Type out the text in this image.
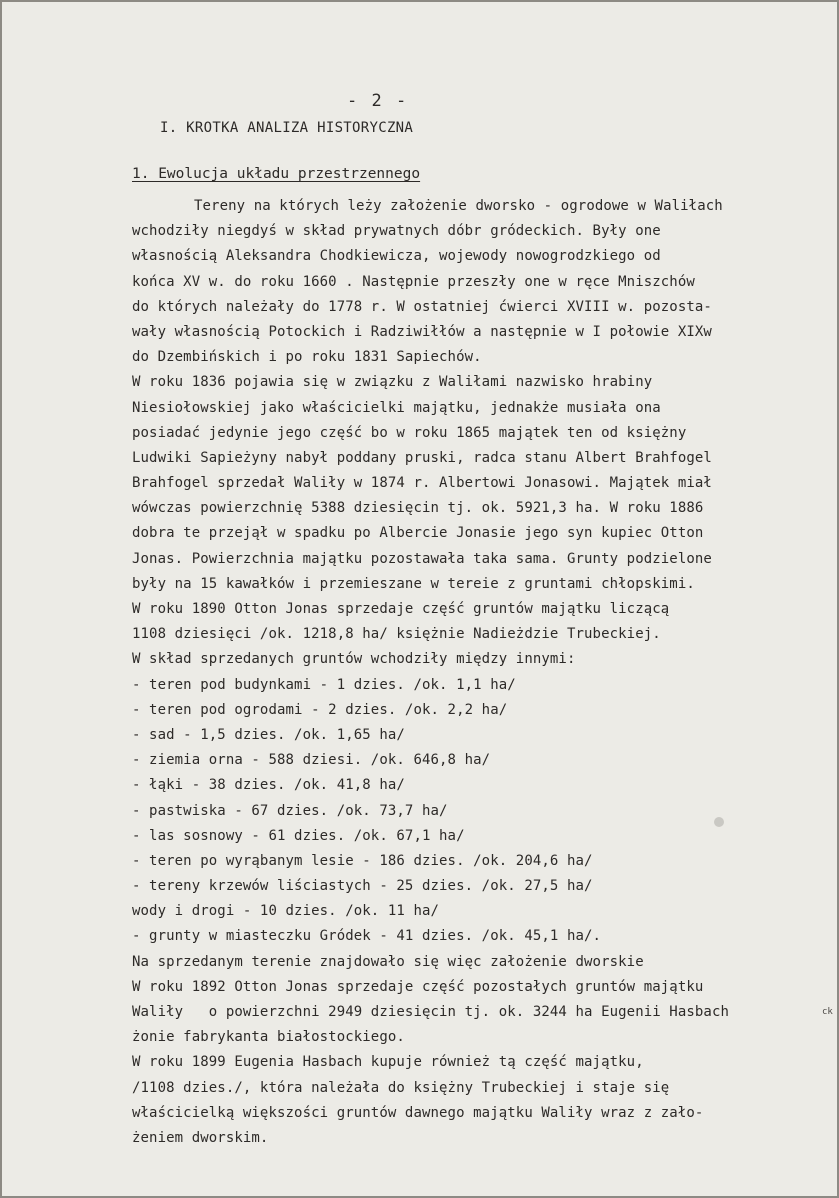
- 2 -
I. KROTKA ANALIZA HISTORYCZNA
1. Ewolucja układu przestrzennego
Tereny na których leży założenie dworsko - ogrodowe w Waliłach
wchodziły niegdyś w skład prywatnych dóbr gródeckich. Były one
własnością Aleksandra Chodkiewicza, wojewody nowogrodzkiego od
końca XV w. do roku 1660 . Następnie przeszły one w ręce Mniszchów
do których należały do 1778 r. W ostatniej ćwierci XVIII w. pozosta-
wały własnością Potockich i Radziwiłłów a następnie w I połowie XIXw
do Dzembińskich i po roku 1831 Sapiechów.
W roku 1836 pojawia się w związku z Waliłami nazwisko hrabiny
Niesiołowskiej jako właścicielki majątku, jednakże musiała ona
posiadać jedynie jego część bo w roku 1865 majątek ten od księżny
Ludwiki Sapieżyny nabył poddany pruski, radca stanu Albert Brahfogel
Brahfogel sprzedał Waliły w 1874 r. Albertowi Jonasowi. Majątek miał
wówczas powierzchnię 5388 dziesięcin tj. ok. 5921,3 ha. W roku 1886
dobra te przejął w spadku po Albercie Jonasie jego syn kupiec Otton
Jonas. Powierzchnia majątku pozostawała taka sama. Grunty podzielone
były na 15 kawałków i przemieszane w tereie z gruntami chłopskimi.
W roku 1890 Otton Jonas sprzedaje część gruntów majątku liczącą
1108 dziesięci /ok. 1218,8 ha/ księżnie Nadieżdzie Trubeckiej.
W skład sprzedanych gruntów wchodziły między innymi:
- teren pod budynkami - 1 dzies. /ok. 1,1 ha/
- teren pod ogrodami - 2 dzies. /ok. 2,2 ha/
- sad - 1,5 dzies. /ok. 1,65 ha/
- ziemia orna - 588 dziesi. /ok. 646,8 ha/
- łąki - 38 dzies. /ok. 41,8 ha/
- pastwiska - 67 dzies. /ok. 73,7 ha/
- las sosnowy - 61 dzies. /ok. 67,1 ha/
- teren po wyrąbanym lesie - 186 dzies. /ok. 204,6 ha/
- tereny krzewów liściastych - 25 dzies. /ok. 27,5 ha/
wody i drogi - 10 dzies. /ok. 11 ha/
- grunty w miasteczku Gródek - 41 dzies. /ok. 45,1 ha/.
Na sprzedanym terenie znajdowało się więc założenie dworskie
W roku 1892 Otton Jonas sprzedaje część pozostałych gruntów majątku
Waliły   o powierzchni 2949 dziesięcin tj. ok. 3244 ha Eugenii Hasbach
żonie fabrykanta białostockiego.
W roku 1899 Eugenia Hasbach kupuje również tą część majątku,
/1108 dzies./, która należała do księżny Trubeckiej i staje się
właścicielką większości gruntów dawnego majątku Waliły wraz z zało-
żeniem dworskim.
ck
